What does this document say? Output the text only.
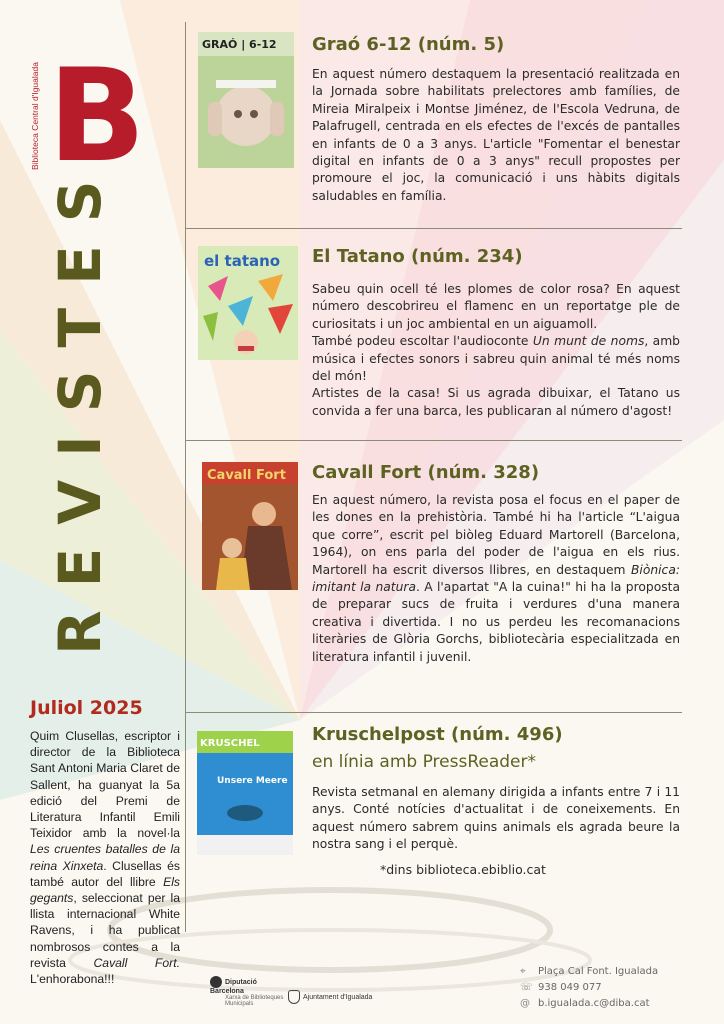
B
Biblioteca Central d'Igualada
REVISTES
Juliol 2025
Quim Clusellas, escriptor i director de la Biblioteca Sant Antoni Maria Claret de Sallent, ha guanyat la 5a edició del Premi de Literatura Infantil Emili Teixidor amb la novel·la Les cruentes batalles de la reina Xinxeta. Clusellas és també autor del llibre Els gegants, seleccionat per la llista internacional White Ravens, i ha publicat nombrosos contes a la revista Cavall Fort. L'enhorabona!!!
GRAÓ | 6-12 Graó 6-12 (núm. 5)
En aquest número destaquem la presentació realitzada en la Jornada sobre habilitats prelectores amb famílies, de Mireia Miralpeix i Montse Jiménez, de l'Escola Vedruna, de Palafrugell, centrada en els efectes de l'excés de pantalles en infants de 0 a 3 anys. L'article "Fomentar el benestar digital en infants de 0 a 3 anys" recull propostes per promoure el joc, la comunicació i uns hàbits digitals saludables en família.
el tatano El Tatano (núm. 234)

Sabeu quin ocell té les plomes de color rosa? En aquest número descobrireu el flamenc en un reportatge ple de curiositats i un joc ambiental en un aiguamoll.

També podeu escoltar l'audioconte Un munt de noms, amb música i efectes sonors i sabreu quin animal té més noms del món!

Artistes de la casa! Si us agrada dibuixar, el Tatano us convida a fer una barca, les publicaran al número d'agost!

Cavall Fort Cavall Fort (núm. 328)
En aquest número, la revista posa el focus en el paper de les dones en la prehistòria. També hi ha l'article “L'aigua que corre”, escrit pel biòleg Eduard Martorell (Barcelona, 1964), on ens parla del poder de l'aigua en els rius. Martorell ha escrit diversos llibres, en destaquem Biònica: imitant la natura. A l'apartat "A la cuina!" hi ha la proposta de preparar sucs de fruita i verdures d'una manera creativa i divertida. I no us perdeu les recomanacions literàries de Glòria Gorchs, bibliotecària especialitzada en literatura infantil i juvenil.
KRUSCHEL
Unsere Meere
Kruschelpost (núm. 496)
en línia amb PressReader*
Revista setmanal en alemany dirigida a infants entre 7 i 11 anys. Conté notícies d'actualitat i de coneixements. En aquest número sabrem quins animals els agrada beure la nostra sang i el perquè.
*dins biblioteca.ebiblio.cat
Diputació Barcelona
Xarxa de Biblioteques Municipals
Ajuntament d'Igualada
⌖ Plaça Cal Font. Igualada
☏ 938 049 077
@ b.igualada.c@diba.cat
